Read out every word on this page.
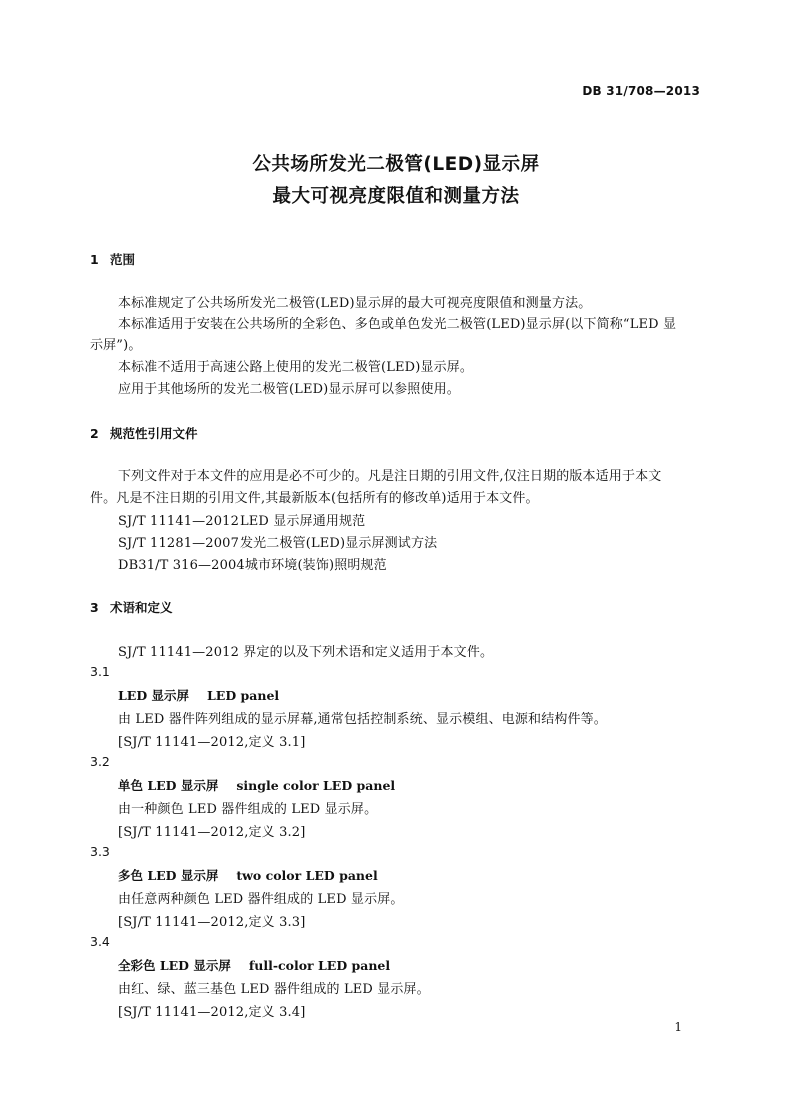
DB 31/708—2013
公共场所发光二极管(LED)显示屏
最大可视亮度限值和测量方法
1 范围
本标准规定了公共场所发光二极管(LED)显示屏的最大可视亮度限值和测量方法。
本标准适用于安装在公共场所的全彩色、多色或单色发光二极管(LED)显示屏(以下简称“LED 显
示屏”)。
本标准不适用于高速公路上使用的发光二极管(LED)显示屏。
应用于其他场所的发光二极管(LED)显示屏可以参照使用。
2 规范性引用文件
下列文件对于本文件的应用是必不可少的。凡是注日期的引用文件,仅注日期的版本适用于本文
件。凡是不注日期的引用文件,其最新版本(包括所有的修改单)适用于本文件。
SJ/T 11141—2012LED 显示屏通用规范
SJ/T 11281—2007发光二极管(LED)显示屏测试方法
DB31/T 316—2004城市环境(装饰)照明规范
3 术语和定义
SJ/T 11141—2012 界定的以及下列术语和定义适用于本文件。
3.1
LED 显示屏 LED panel
由 LED 器件阵列组成的显示屏幕,通常包括控制系统、显示模组、电源和结构件等。
[SJ/T 11141—2012,定义 3.1]
3.2
单色 LED 显示屏 single color LED panel
由一种颜色 LED 器件组成的 LED 显示屏。
[SJ/T 11141—2012,定义 3.2]
3.3
多色 LED 显示屏 two color LED panel
由任意两种颜色 LED 器件组成的 LED 显示屏。
[SJ/T 11141—2012,定义 3.3]
3.4
全彩色 LED 显示屏 full-color LED panel
由红、绿、蓝三基色 LED 器件组成的 LED 显示屏。
[SJ/T 11141—2012,定义 3.4]
1
